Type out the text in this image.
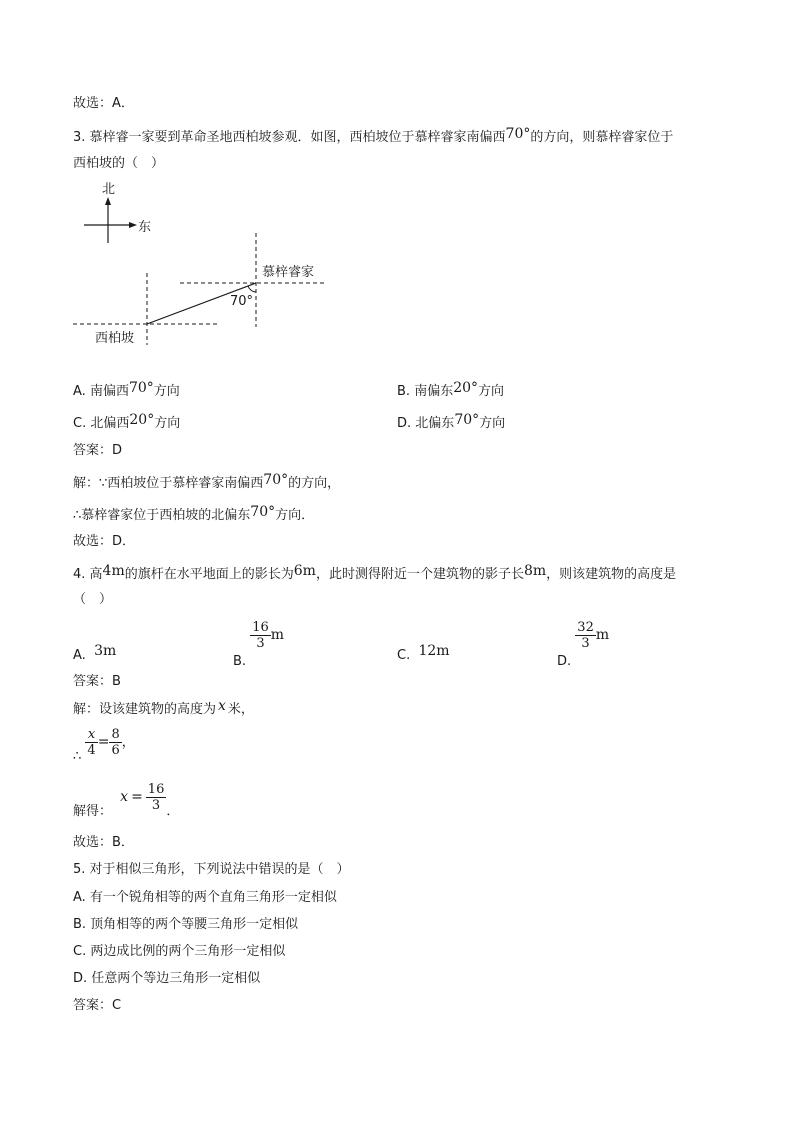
故选：A．
3. 慕梓睿一家要到革命圣地西柏坡参观．如图，西柏坡位于慕梓睿家南偏西70°的方向，则慕梓睿家位于
西柏坡的（　）
北
东
慕梓睿家
70°
西柏坡
A. 南偏西70°方向	B. 南偏东20°方向
C. 北偏西20°方向	D. 北偏东70°方向
答案：D
解：∵西柏坡位于慕梓睿家南偏西70°的方向，
∴慕梓睿家位于西柏坡的北偏东70°方向．
故选：D．
4. 高4m的旗杆在水平地面上的影长为6m，此时测得附近一个建筑物的影子长8m，则该建筑物的高度是
（　）
A. 3m
B.
$\frac{16}{3}$ m
C. 12m
D.
$\frac{32}{3}$ m
答案：B
解：设该建筑物的高度为 x 米，
∴ $\frac{x}{4} = \frac{8}{6}$ ，
解得： $x = \frac{16}{3}$ ．
故选：B．
5. 对于相似三角形，下列说法中错误的是（　）
A. 有一个锐角相等的两个直角三角形一定相似
B. 顶角相等的两个等腰三角形一定相似
C. 两边成比例的两个三角形一定相似
D. 任意两个等边三角形一定相似
答案：C
